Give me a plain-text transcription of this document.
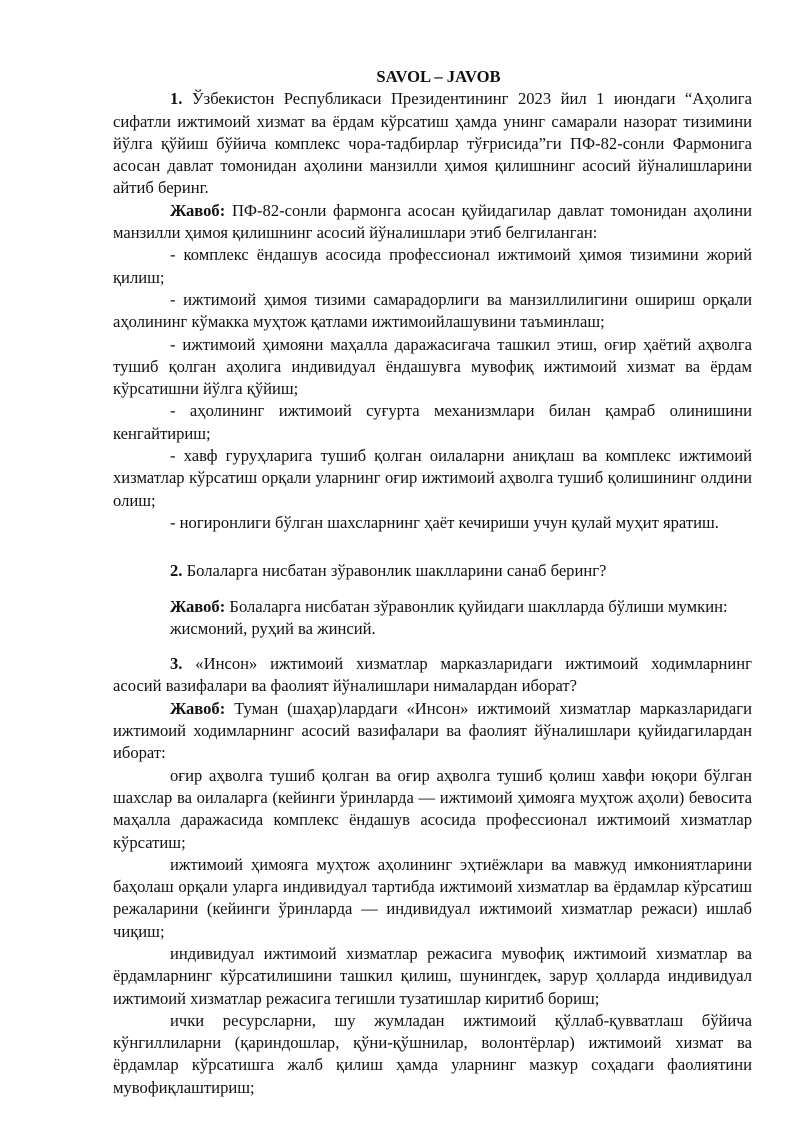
SAVOL – JAVOB

1. Ўзбекистон Республикаси Президентининг 2023 йил 1 июндаги “Аҳолига сифатли ижтимоий хизмат ва ёрдам кўрсатиш ҳамда унинг самарали назорат тизимини йўлга қўйиш бўйича комплекс чора-тадбирлар тўғрисида”ги ПФ-82-сонли Фармонига асосан давлат томонидан аҳолини манзилли ҳимоя қилишнинг асосий йўналишларини айтиб беринг.

Жавоб: ПФ-82-сонли фармонга асосан қуйидагилар давлат томонидан аҳолини манзилли ҳимоя қилишнинг асосий йўналишлари этиб белгиланган:

- комплекс ёндашув асосида профессионал ижтимоий ҳимоя тизимини жорий қилиш;

- ижтимоий ҳимоя тизими самарадорлиги ва манзиллилигини ошириш орқали аҳолининг кўмакка муҳтож қатлами ижтимоийлашувини таъминлаш;

- ижтимоий ҳимояни маҳалла даражасигача ташкил этиш, оғир ҳаётий аҳволга тушиб қолган аҳолига индивидуал ёндашувга мувофиқ ижтимоий хизмат ва ёрдам кўрсатишни йўлга қўйиш;

- аҳолининг ижтимоий суғурта механизмлари билан қамраб олинишини кенгайтириш;

- хавф гуруҳларига тушиб қолган оилаларни аниқлаш ва комплекс ижтимоий хизматлар кўрсатиш орқали уларнинг оғир ижтимоий аҳволга тушиб қолишининг олдини олиш;

- ногиронлиги бўлган шахсларнинг ҳаёт кечириши учун қулай муҳит яратиш.

2. Болаларга нисбатан зўравонлик шаклларини санаб беринг?

Жавоб: Болаларга нисбатан зўравонлик қуйидаги шаклларда бўлиши мумкин:

жисмоний, руҳий ва жинсий.

3. «Инсон» ижтимоий хизматлар марказларидаги ижтимоий ходимларнинг асосий вазифалари ва фаолият йўналишлари нималардан иборат?

Жавоб: Туман (шаҳар)лардаги «Инсон» ижтимоий хизматлар марказларидаги ижтимоий ходимларнинг асосий вазифалари ва фаолият йўналишлари қуйидагилардан иборат:

оғир аҳволга тушиб қолган ва оғир аҳволга тушиб қолиш хавфи юқори бўлган шахслар ва оилаларга (кейинги ўринларда — ижтимоий ҳимояга муҳтож аҳоли) бевосита маҳалла даражасида комплекс ёндашув асосида профессионал ижтимоий хизматлар кўрсатиш;

ижтимоий ҳимояга муҳтож аҳолининг эҳтиёжлари ва мавжуд имкониятларини баҳолаш орқали уларга индивидуал тартибда ижтимоий хизматлар ва ёрдамлар кўрсатиш режаларини (кейинги ўринларда — индивидуал ижтимоий хизматлар режаси) ишлаб чиқиш;

индивидуал ижтимоий хизматлар режасига мувофиқ ижтимоий хизматлар ва ёрдамларнинг кўрсатилишини ташкил қилиш, шунингдек, зарур ҳолларда индивидуал ижтимоий хизматлар режасига тегишли тузатишлар киритиб бориш;

ички ресурсларни, шу жумладан ижтимоий қўллаб-қувватлаш бўйича кўнгиллиларни (қариндошлар, қўни-қўшнилар, волонтёрлар) ижтимоий хизмат ва ёрдамлар кўрсатишга жалб қилиш ҳамда уларнинг мазкур соҳадаги фаолиятини мувофиқлаштириш;
